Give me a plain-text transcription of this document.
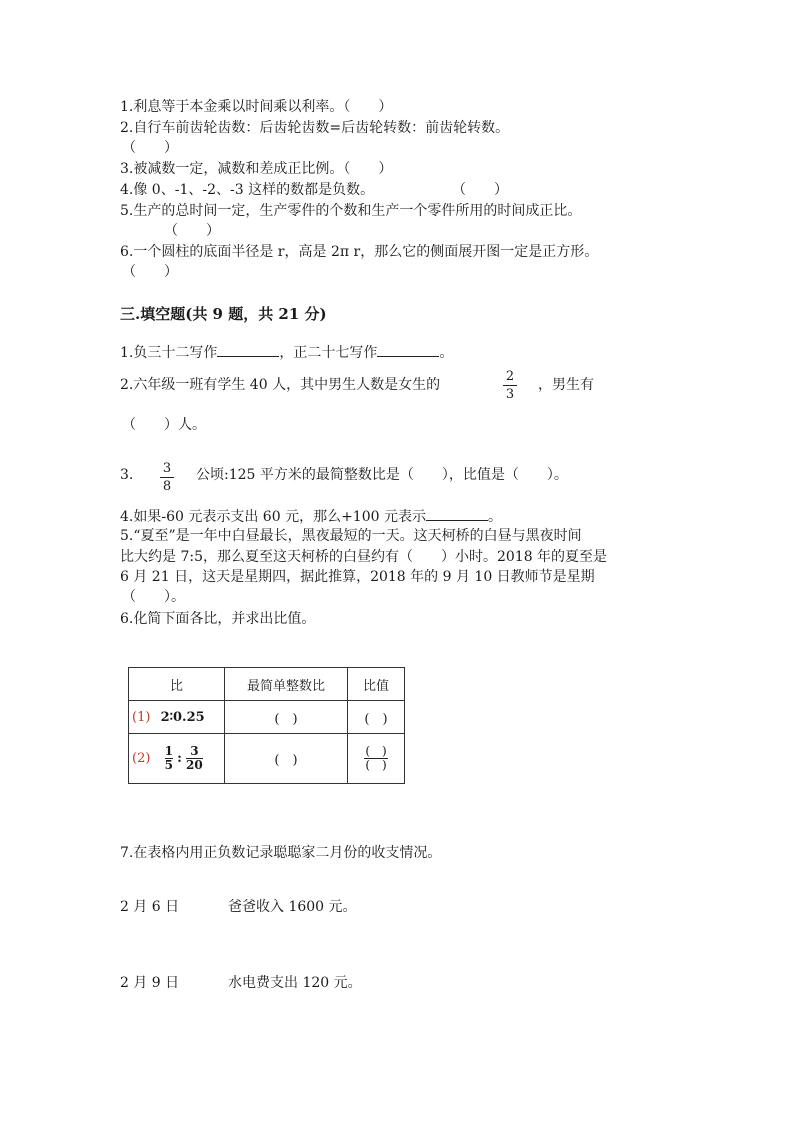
1.利息等于本金乘以时间乘以利率。（　　）
2.自行车前齿轮齿数：后齿轮齿数=后齿轮转数：前齿轮转数。
（　　）
3.被减数一定，减数和差成正比例。（　　）
4.像 0、-1、-2、-3 这样的数都是负数。	（　　）
5.生产的总时间一定，生产零件的个数和生产一个零件所用的时间成正比。
（　　）
6.一个圆柱的底面半径是 r，高是 2π r，那么它的侧面展开图一定是正方形。
（　　）
三.填空题(共 9 题，共 21 分)
1.负三十二写作	，正二十七写作	。
2.六年级一班有学生 40 人，其中男生人数是女生的
2
3
，男生有
（　　）人。
3. 3
8
公顷:125 平方米的最简整数比是（　　），比值是（　　）。
4.如果-60 元表示支出 60 元，那么+100 元表示	。
5.“夏至”是一年中白昼最长，黑夜最短的一天。这天柯桥的白昼与黑夜时间
比大约是 7:5，那么夏至这天柯桥的白昼约有（　　）小时。2018 年的夏至是
6 月 21 日，这天是星期四，据此推算，2018 年的 9 月 10 日教师节是星期
（　　）。
6.化简下面各比，并求出比值。
比	最简单整数比	比值
(1) 2∶0.25	(　)	(　)
$(2) \frac{1}{5}$ : $\frac{3}{20}$	(　)	(　)
(　)
7.在表格内用正负数记录聪聪家二月份的收支情况。
2 月 6 日	爸爸收入 1600 元。
2 月 9 日	水电费支出 120 元。
